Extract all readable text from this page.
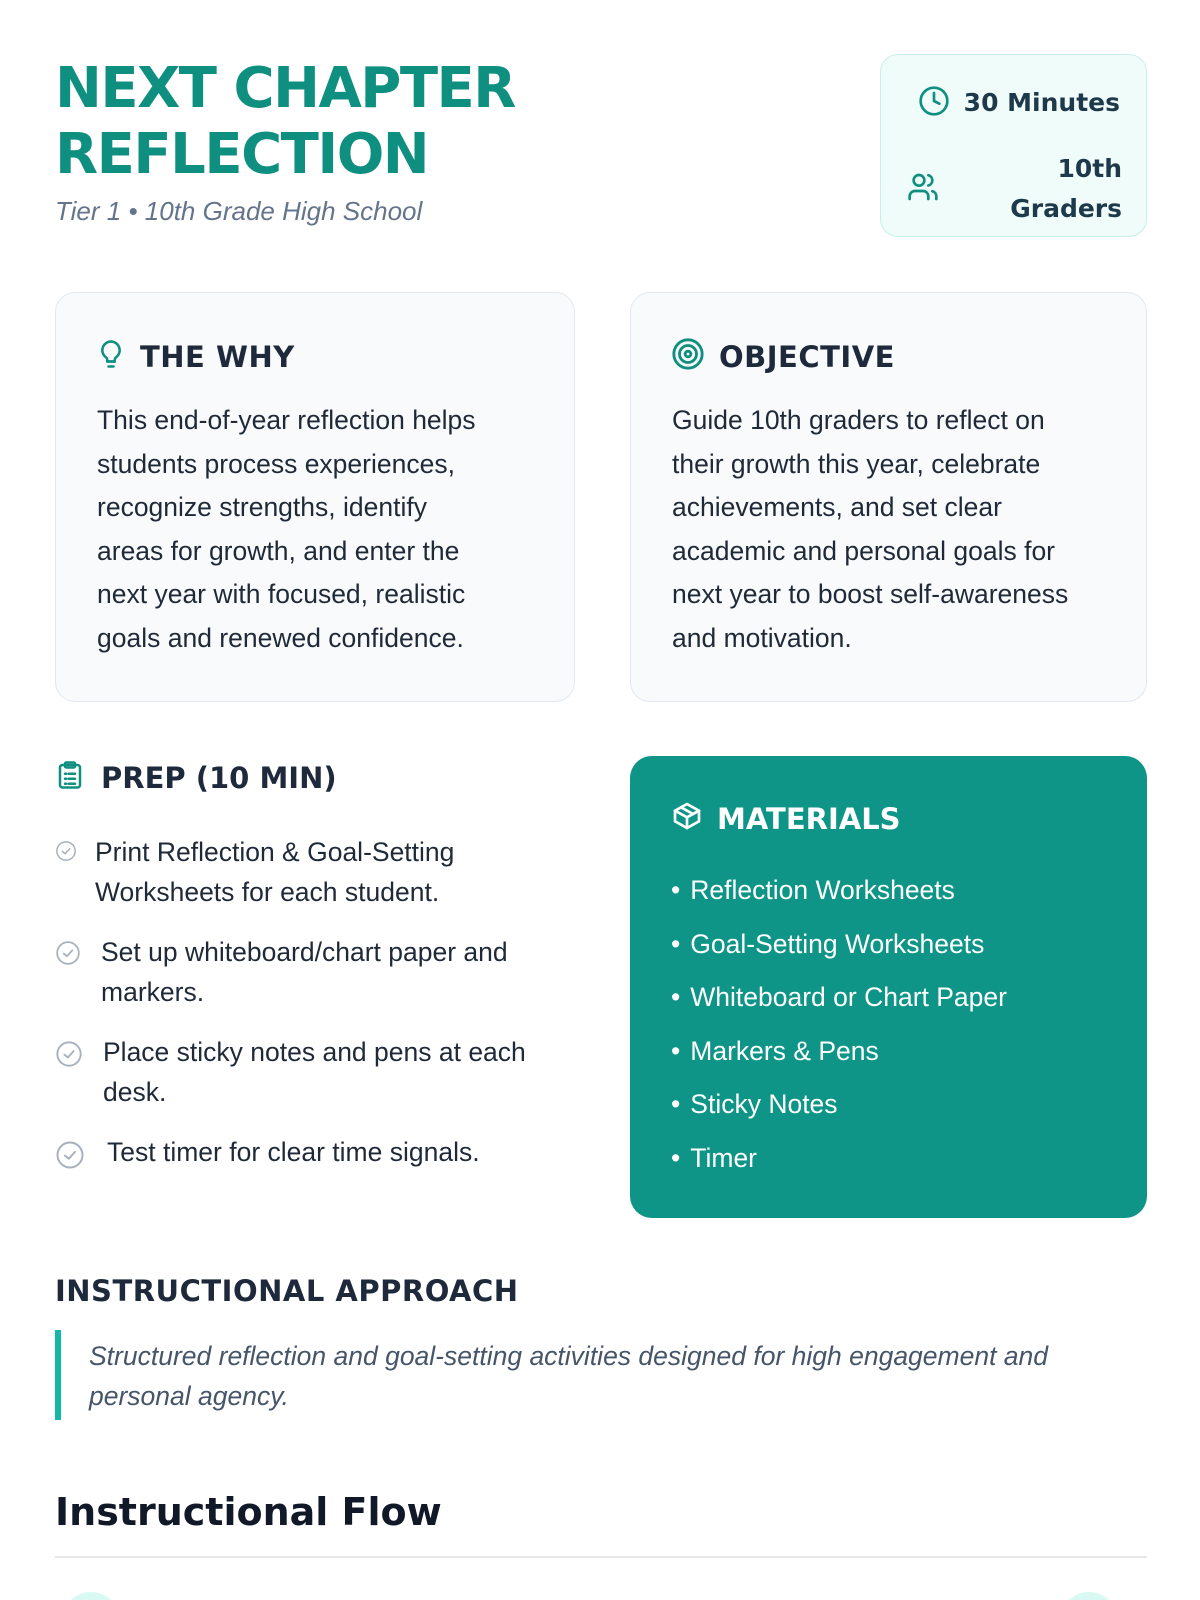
NEXT CHAPTER
REFLECTION
Tier 1 • 10th Grade High School
30 Minutes
10th
Graders
THE WHY
This end-of-year reflection helps
students process experiences,
recognize strengths, identify
areas for growth, and enter the
next year with focused, realistic
goals and renewed confidence.
OBJECTIVE
Guide 10th graders to reflect on
their growth this year, celebrate
achievements, and set clear
academic and personal goals for
next year to boost self-awareness
and motivation.
PREP (10 MIN)
Print Reflection & Goal-Setting
Worksheets for each student.
Set up whiteboard/chart paper and
markers.
Place sticky notes and pens at each
desk.
Test timer for clear time signals.
MATERIALS
• Reflection Worksheets
• Goal-Setting Worksheets
• Whiteboard or Chart Paper
• Markers & Pens
• Sticky Notes
• Timer
INSTRUCTIONAL APPROACH
Structured reflection and goal-setting activities designed for high engagement and
personal agency.
Instructional Flow
